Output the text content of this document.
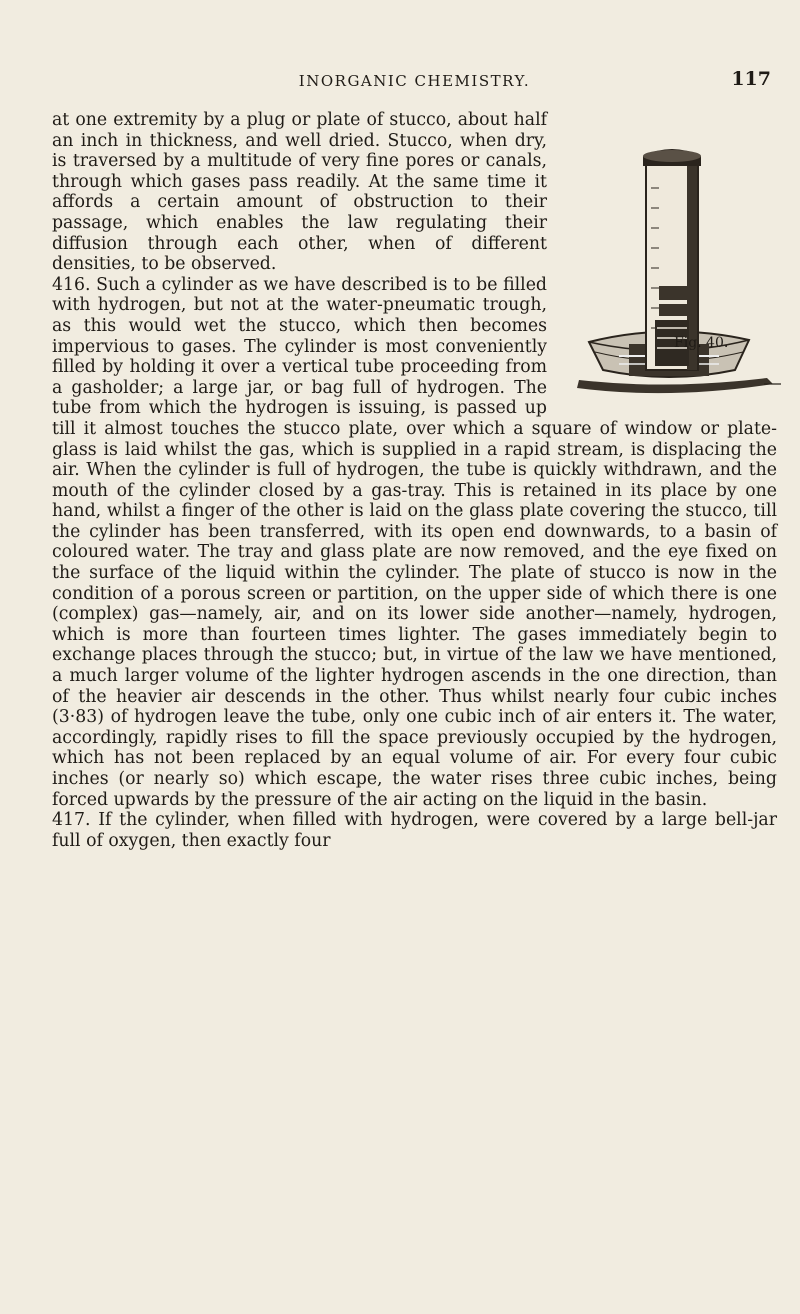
INORGANIC CHEMISTRY.	117
Fig. 40.

at one extremity by a plug or plate of stucco, about half an inch in thickness, and well dried. Stucco, when dry, is traversed by a multitude of very fine pores or canals, through which gases pass readily. At the same time it affords a certain amount of obstruction to their passage, which enables the law regulating their diffusion through each other, when of different densities, to be observed.

416. Such a cylinder as we have described is to be filled with hydrogen, but not at the water-pneumatic trough, as this would wet the stucco, which then becomes impervious to gases. The cylinder is most conveniently filled by holding it over a vertical tube proceeding from a gasholder; a large jar, or bag full of hydrogen. The tube from which the hydrogen is issuing, is passed up till it almost touches the stucco plate, over which a square of window or plate-glass is laid whilst the gas, which is supplied in a rapid stream, is displacing the air. When the cylinder is full of hydrogen, the tube is quickly withdrawn, and the mouth of the cylinder closed by a gas-tray. This is retained in its place by one hand, whilst a finger of the other is laid on the glass plate covering the stucco, till the cylinder has been transferred, with its open end downwards, to a basin of coloured water. The tray and glass plate are now removed, and the eye fixed on the surface of the liquid within the cylinder. The plate of stucco is now in the condition of a porous screen or partition, on the upper side of which there is one (complex) gas—namely, air, and on its lower side another—namely, hydrogen, which is more than fourteen times lighter. The gases immediately begin to exchange places through the stucco; but, in virtue of the law we have mentioned, a much larger volume of the lighter hydrogen ascends in the one direction, than of the heavier air descends in the other. Thus whilst nearly four cubic inches (3·83) of hydrogen leave the tube, only one cubic inch of air enters it. The water, accordingly, rapidly rises to fill the space previously occupied by the hydrogen, which has not been replaced by an equal volume of air. For every four cubic inches (or nearly so) which escape, the water rises three cubic inches, being forced upwards by the pressure of the air acting on the liquid in the basin.

417. If the cylinder, when filled with hydrogen, were covered by a large bell-jar full of oxygen, then exactly four
